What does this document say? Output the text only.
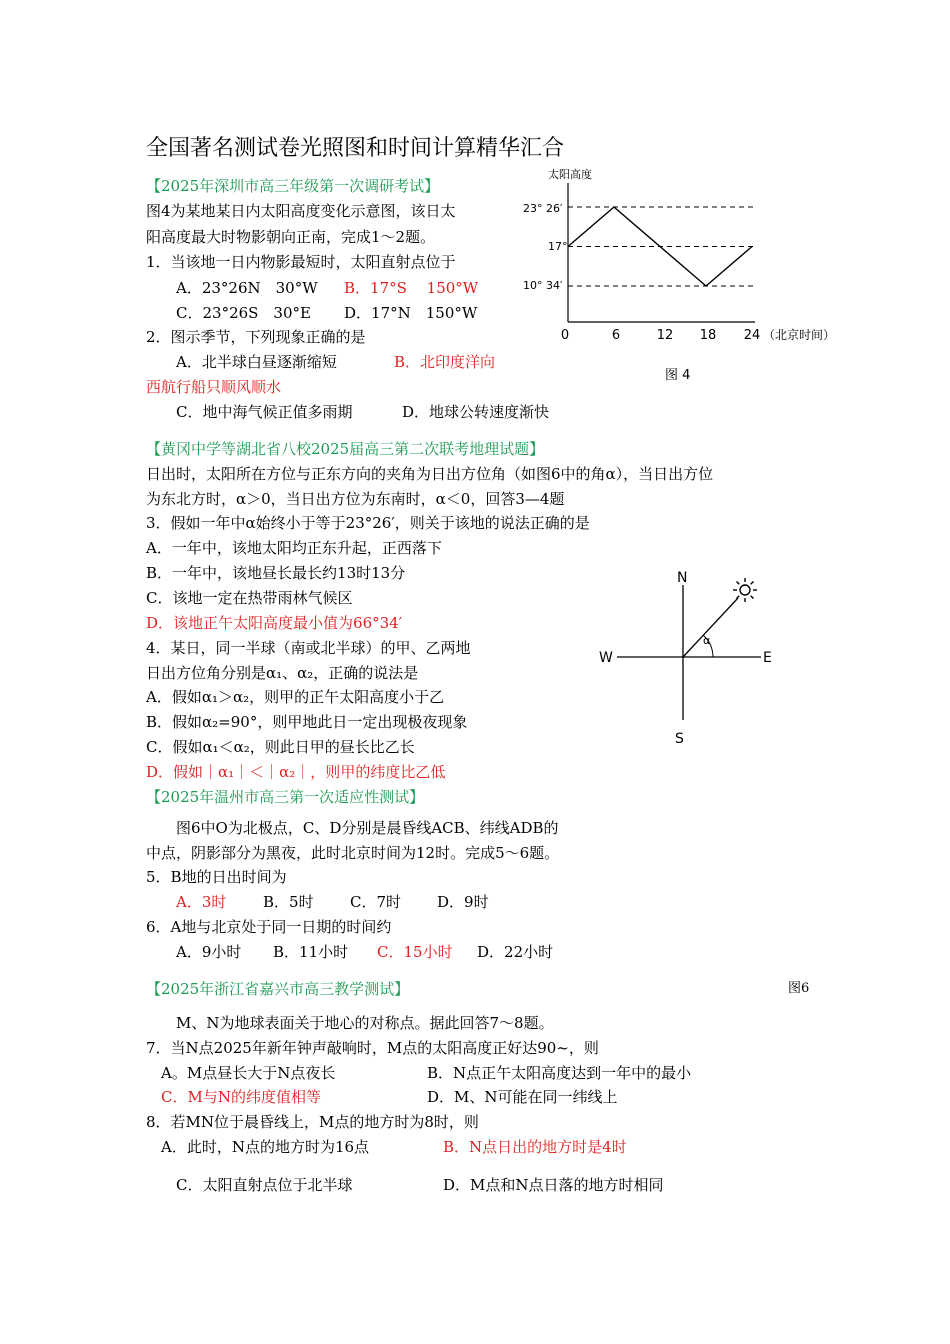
全国著名测试卷光照图和时间计算精华汇合
【2025年深圳市高三年级第一次调研考试】
图4为某地某日内太阳高度变化示意图，该日太
阳高度最大时物影朝向正南，完成1～2题。
1．当该地一日内物影最短时，太阳直射点位于
A．23°26N　30°W B．17°S　 150°W
C．23°26S　30°E D．17°N　150°W
2．图示季节，下列现象正确的是
A．北半球白昼逐渐缩短	B．北印度洋向
西航行船只顺风顺水
C．地中海气候正值多雨期	D．地球公转速度渐快
太阳高度
23° 26′
17°
10° 34′
0	6	12 18 24 （北京时间）
图 4
【黄冈中学等湖北省八校2025届高三第二次联考地理试题】
日出时，太阳所在方位与正东方向的夹角为日出方位角（如图6中的角α），当日出方位
为东北方时，α＞0，当日出方位为东南时，α＜0，回答3—4题
3．假如一年中α始终小于等于23°26′，则关于该地的说法正确的是
A．一年中，该地太阳均正东升起，正西落下
B．一年中，该地昼长最长约13时13分
C．该地一定在热带雨林气候区
D．该地正午太阳高度最小值为66°34′
4．某日，同一半球（南或北半球）的甲、乙两地
日出方位角分别是α₁、α₂，正确的说法是
A．假如α₁＞α₂，则甲的正午太阳高度小于乙
B．假如α₂=90°，则甲地此日一定出现极夜现象
C．假如α₁＜α₂，则此日甲的昼长比乙长
D．假如｜α₁｜＜｜α₂｜，则甲的纬度比乙低
N
S
W	E
α
【2025年温州市高三第一次适应性测试】
图6中O为北极点，C、D分别是晨昏线ACB、纬线ADB的
中点，阴影部分为黑夜，此时北京时间为12时。完成5～6题。
5．B地的日出时间为
A．3时 B．5时 C．7时 D．9时
6．A地与北京处于同一日期的时间约
A．9小时 B．11小时 C．15小时 D．22小时
图6
【2025年浙江省嘉兴市高三教学测试】
M、N为地球表面关于地心的对称点。据此回答7～8题。
7．当N点2025年新年钟声敲响时，M点的太阳高度正好达90~，则
A。M点昼长大于N点夜长	B．N点正午太阳高度达到一年中的最小
C．M与N的纬度值相等	D．M、N可能在同一纬线上
8．若MN位于晨昏线上，M点的地方时为8时，则
A．此时，N点的地方时为16点	B．N点日出的地方时是4时
C．太阳直射点位于北半球	D．M点和N点日落的地方时相同
